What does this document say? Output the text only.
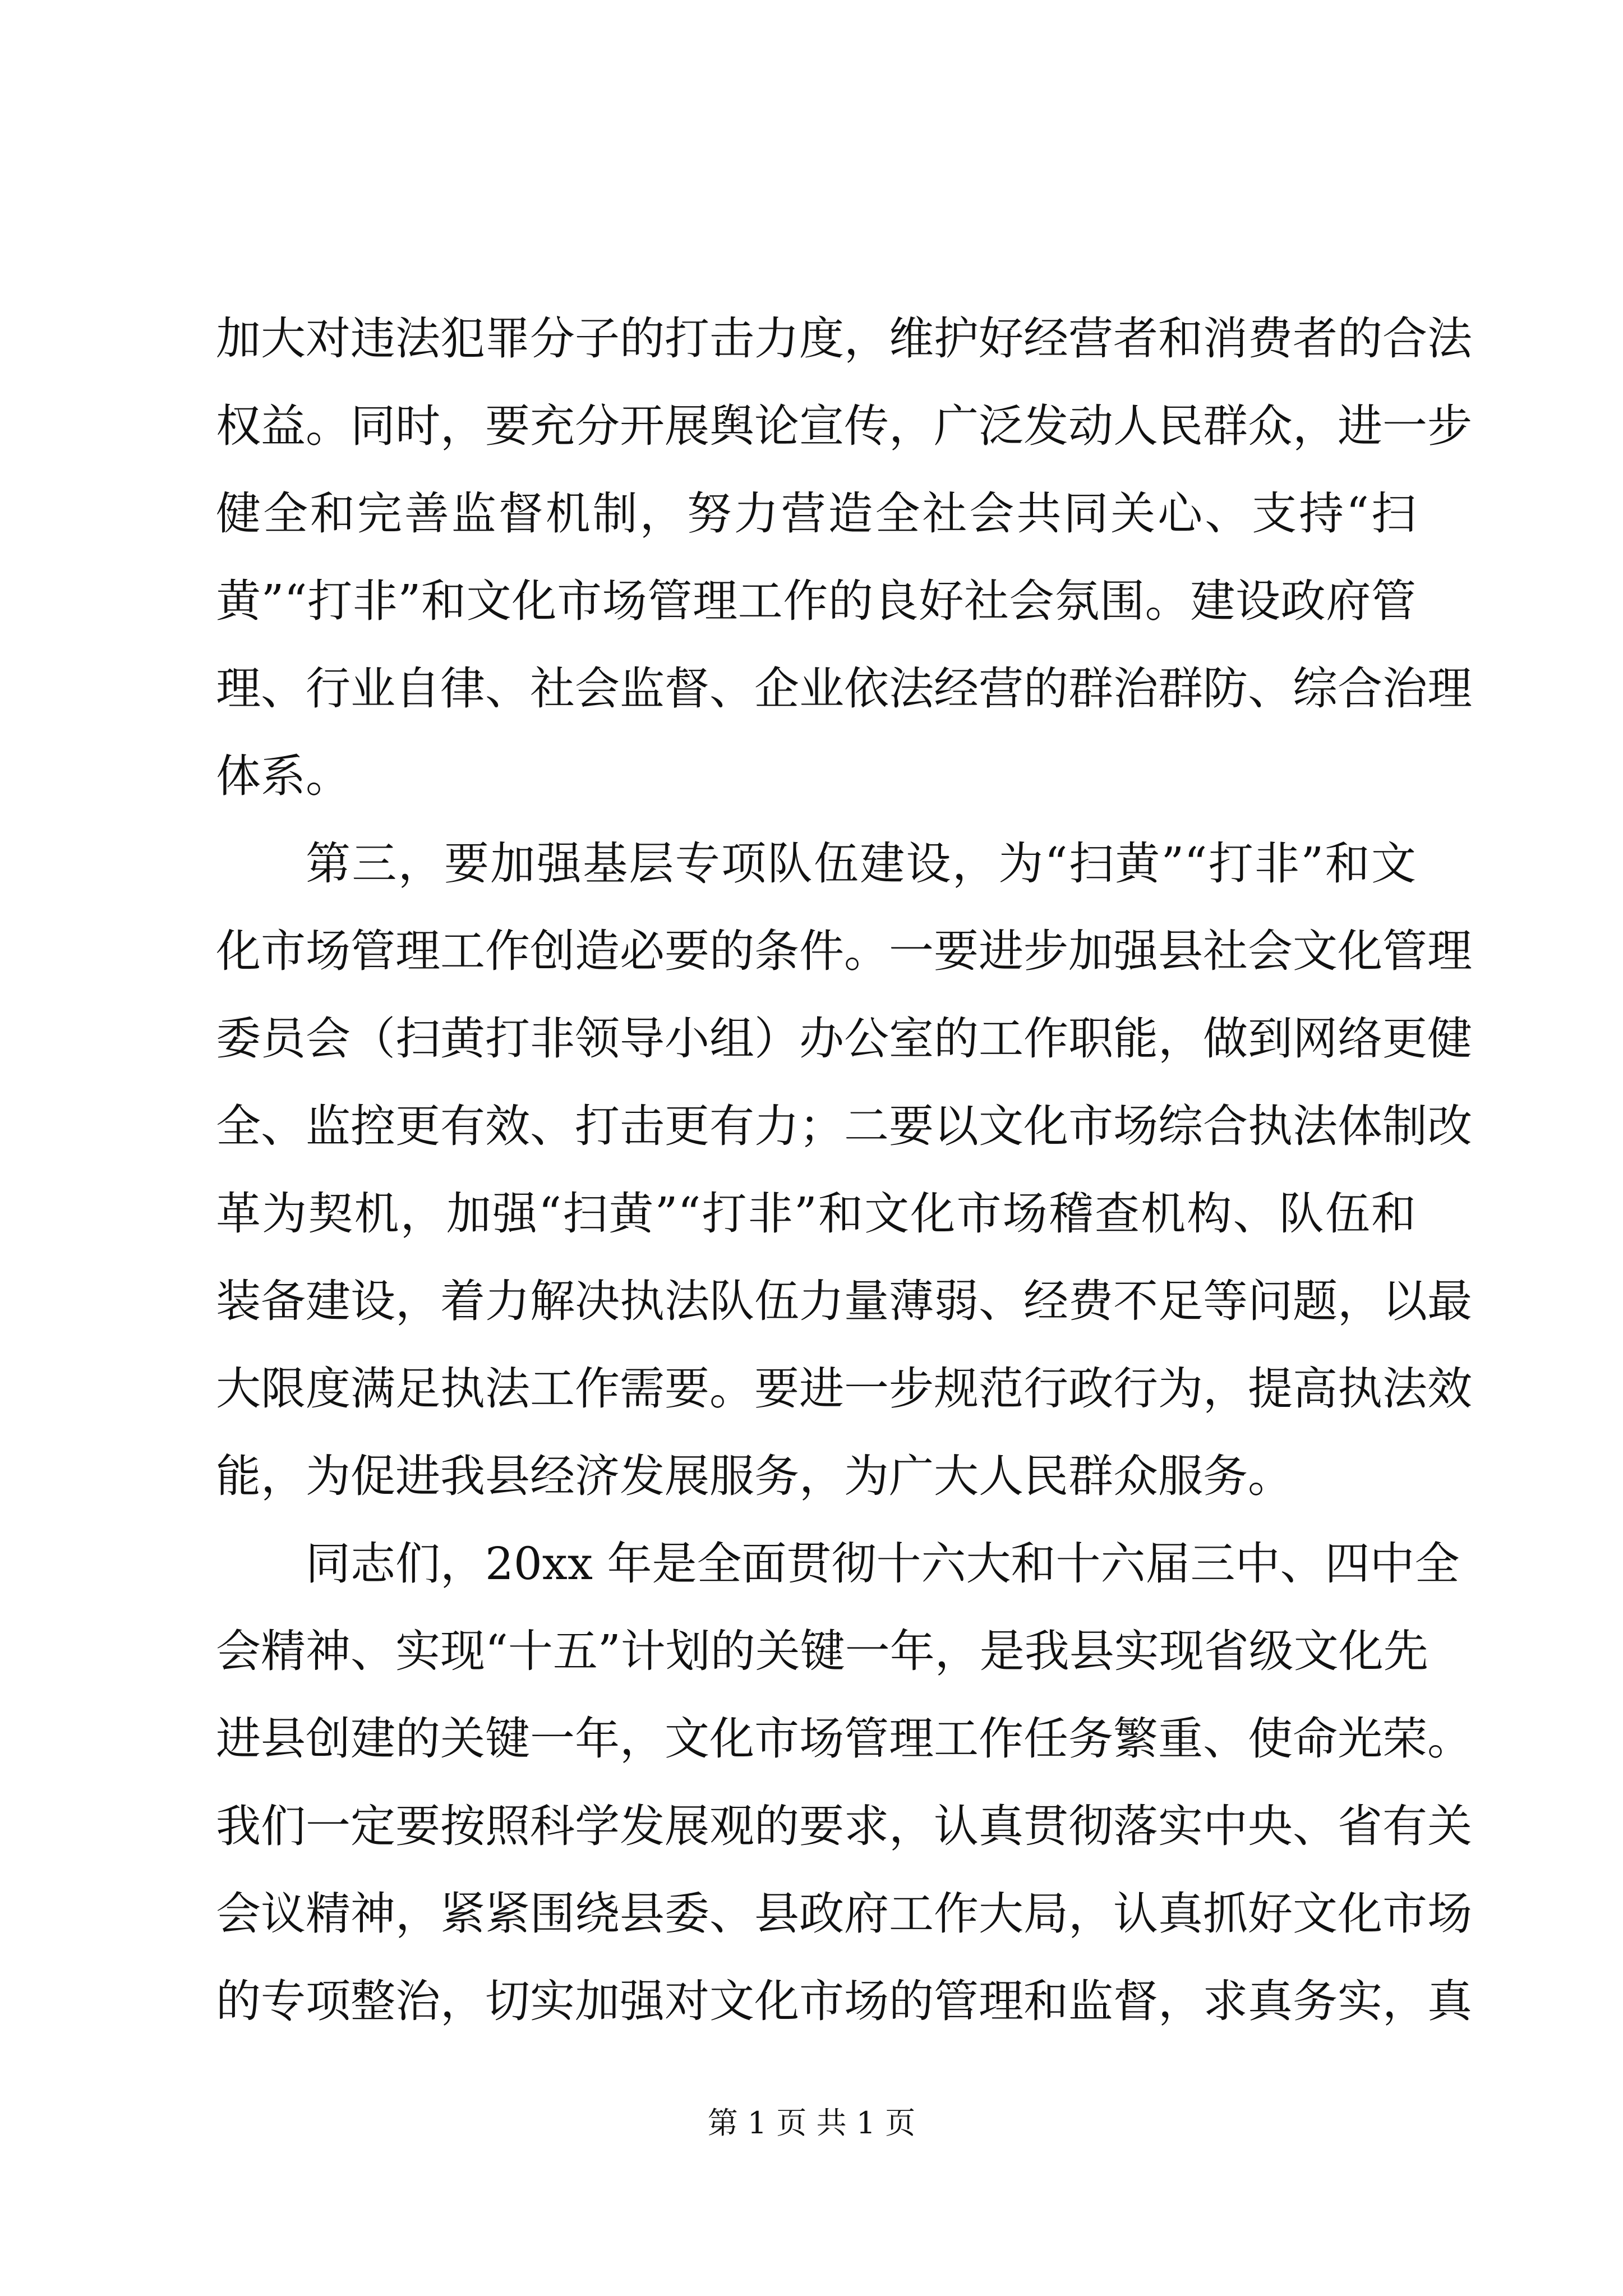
加大对违法犯罪分子的打击力度，维护好经营者和消费者的合法
权益。同时，要充分开展舆论宣传，广泛发动人民群众，进一步
健全和完善监督机制，努力营造全社会共同关心、支持“扫
黄”“打非”和文化市场管理工作的良好社会氛围。建设政府管
理、行业自律、社会监督、企业依法经营的群治群防、综合治理
体系。
第三，要加强基层专项队伍建设，为“扫黄”“打非”和文
化市场管理工作创造必要的条件。一要进步加强县社会文化管理
委员会（扫黄打非领导小组）办公室的工作职能，做到网络更健
全、监控更有效、打击更有力；二要以文化市场综合执法体制改
革为契机，加强“扫黄”“打非”和文化市场稽查机构、队伍和
装备建设，着力解决执法队伍力量薄弱、经费不足等问题，以最
大限度满足执法工作需要。要进一步规范行政行为，提高执法效
能，为促进我县经济发展服务，为广大人民群众服务。
同志们，20xx 年是全面贯彻十六大和十六届三中、四中全
会精神、实现“十五”计划的关键一年，是我县实现省级文化先
进县创建的关键一年，文化市场管理工作任务繁重、使命光荣。
我们一定要按照科学发展观的要求，认真贯彻落实中央、省有关
会议精神，紧紧围绕县委、县政府工作大局，认真抓好文化市场
的专项整治，切实加强对文化市场的管理和监督，求真务实，真
第 1 页 共 1 页
